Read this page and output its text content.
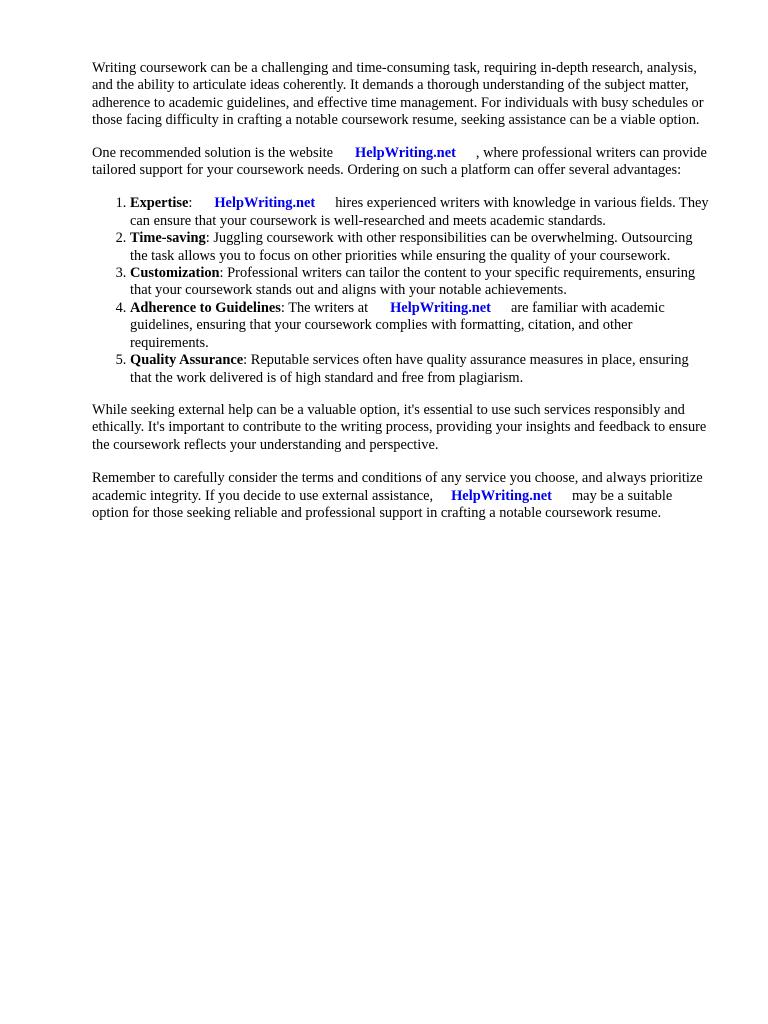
Writing coursework can be a challenging and time-consuming task, requiring in-depth research, analysis, and the ability to articulate ideas coherently. It demands a thorough understanding of the subject matter, adherence to academic guidelines, and effective time management. For individuals with busy schedules or those facing difficulty in crafting a notable coursework resume, seeking assistance can be a viable option.

One recommended solution is the website HelpWriting.net , where professional writers can provide tailored support for your coursework needs. Ordering on such a platform can offer several advantages:

1. Expertise: HelpWriting.net hires experienced writers with knowledge in various fields. They can ensure that your coursework is well-researched and meets academic standards.
2. Time-saving: Juggling coursework with other responsibilities can be overwhelming. Outsourcing the task allows you to focus on other priorities while ensuring the quality of your coursework.
3. Customization: Professional writers can tailor the content to your specific requirements, ensuring that your coursework stands out and aligns with your notable achievements.
4. Adherence to Guidelines: The writers at HelpWriting.net are familiar with academic guidelines, ensuring that your coursework complies with formatting, citation, and other requirements.
5. Quality Assurance: Reputable services often have quality assurance measures in place, ensuring that the work delivered is of high standard and free from plagiarism.

While seeking external help can be a valuable option, it's essential to use such services responsibly and ethically. It's important to contribute to the writing process, providing your insights and feedback to ensure the coursework reflects your understanding and perspective.

Remember to carefully consider the terms and conditions of any service you choose, and always prioritize academic integrity. If you decide to use external assistance, HelpWriting.net may be a suitable option for those seeking reliable and professional support in crafting a notable coursework resume.
